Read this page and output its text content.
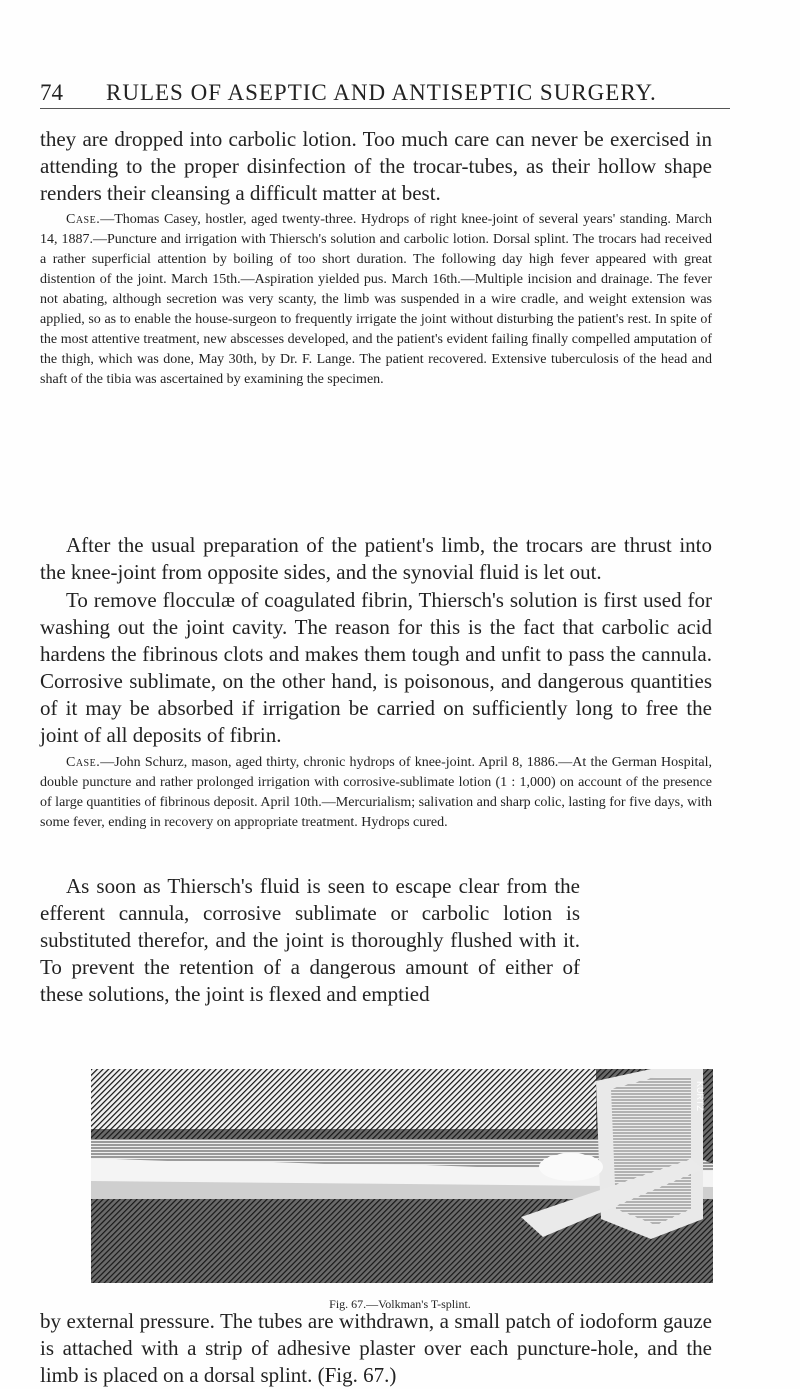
74 RULES OF ASEPTIC AND ANTISEPTIC SURGERY.
they are dropped into carbolic lotion. Too much care can never be exercised in attending to the proper disinfection of the trocar-tubes, as their hollow shape renders their cleansing a difficult matter at best.
Case.—Thomas Casey, hostler, aged twenty-three. Hydrops of right knee-joint of several years' standing. March 14, 1887.—Puncture and irrigation with Thiersch's solution and carbolic lotion. Dorsal splint. The trocars had received a rather superficial attention by boiling of too short duration. The following day high fever appeared with great distention of the joint. March 15th.—Aspiration yielded pus. March 16th.—Multiple incision and drainage. The fever not abating, although secretion was very scanty, the limb was suspended in a wire cradle, and weight extension was applied, so as to enable the house-surgeon to frequently irrigate the joint without disturbing the patient's rest. In spite of the most attentive treatment, new abscesses developed, and the patient's evident failing finally compelled amputation of the thigh, which was done, May 30th, by Dr. F. Lange. The patient recovered. Extensive tuberculosis of the head and shaft of the tibia was ascertained by examining the specimen.
After the usual preparation of the patient's limb, the trocars are thrust into the knee-joint from opposite sides, and the synovial fluid is let out.
To remove flocculæ of coagulated fibrin, Thiersch's solution is first used for washing out the joint cavity. The reason for this is the fact that carbolic acid hardens the fibrinous clots and makes them tough and unfit to pass the cannula. Corrosive sublimate, on the other hand, is poisonous, and dangerous quantities of it may be absorbed if irrigation be carried on sufficiently long to free the joint of all deposits of fibrin.
Case.—John Schurz, mason, aged thirty, chronic hydrops of knee-joint. April 8, 1886.—At the German Hospital, double puncture and rather prolonged irrigation with corrosive-sublimate lotion (1 : 1,000) on account of the presence of large quantities of fibrinous deposit. April 10th.—Mercurialism; salivation and sharp colic, lasting for five days, with some fever, ending in recovery on appropriate treatment. Hydrops cured.
As soon as Thiersch's fluid is seen to escape clear from the efferent cannula, corrosive sublimate or carbolic lotion is substituted therefor, and the joint is thoroughly flushed with it. To prevent the retention of a dangerous amount of either of these solutions, the joint is flexed and emptied
KURTZ
Fig. 67.—Volkman's T-splint.
by external pressure. The tubes are withdrawn, a small patch of iodoform gauze is attached with a strip of adhesive plaster over each puncture-hole, and the limb is placed on a dorsal splint. (Fig. 67.)
